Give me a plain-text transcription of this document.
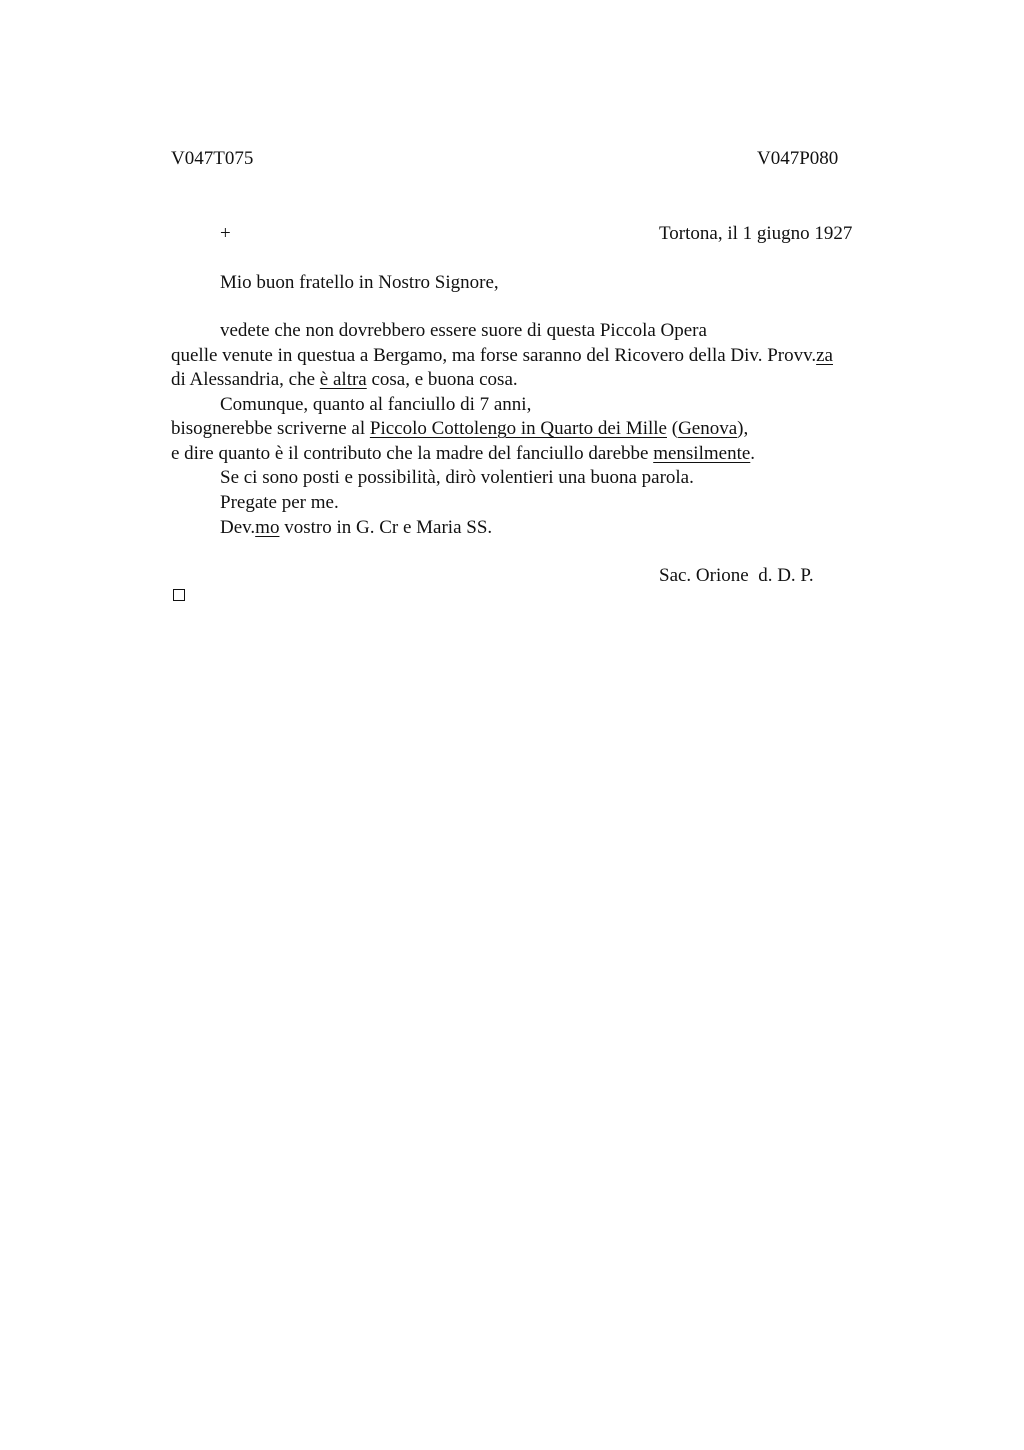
V047T075	V047P080
+	Tortona, il 1 giugno 1927
Mio buon fratello in Nostro Signore,
vedete che non dovrebbero essere suore di questa Piccola Opera
quelle venute in questua a Bergamo, ma forse saranno del Ricovero della Div. Provv.za
di Alessandria, che è altra cosa, e buona cosa.
Comunque, quanto al fanciullo di 7 anni,
bisognerebbe scriverne al Piccolo Cottolengo in Quarto dei Mille (Genova),
e dire quanto è il contributo che la madre del fanciullo darebbe mensilmente.
Se ci sono posti e possibilità, dirò volentieri una buona parola.
Pregate per me.
Dev.mo vostro in G. Cr e Maria SS.
Sac. Orione  d. D. P.
